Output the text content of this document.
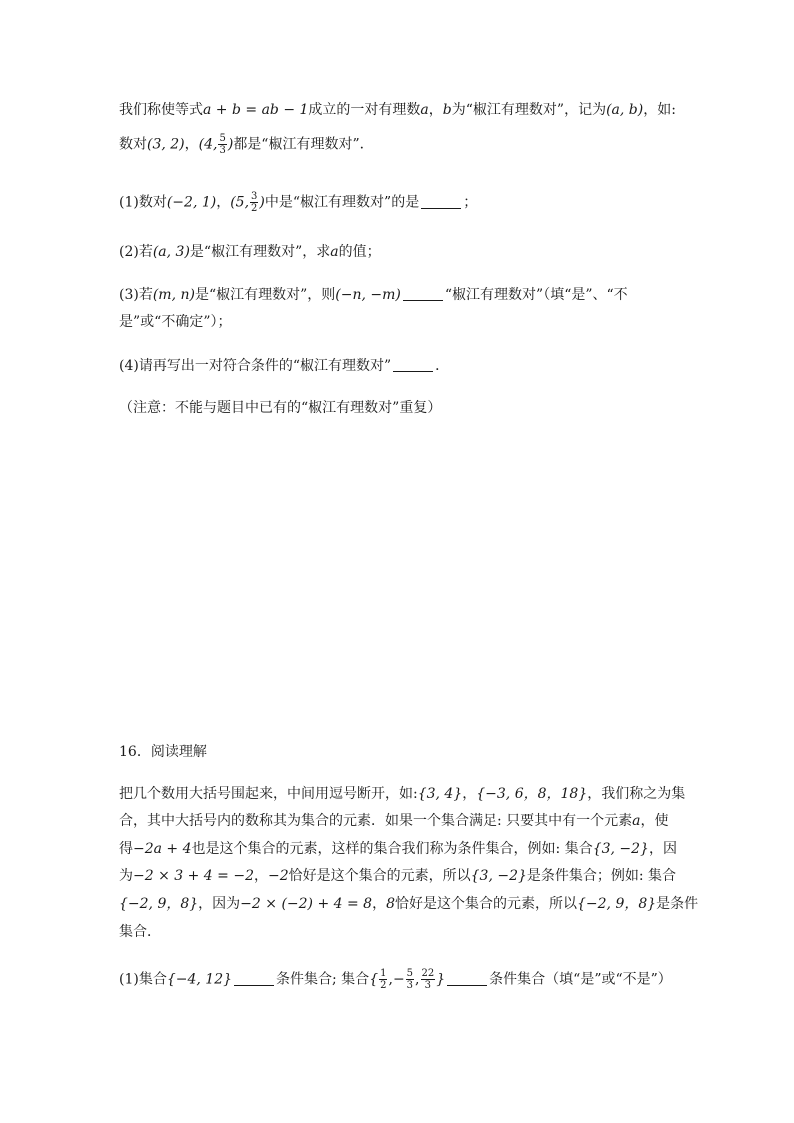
我们称使等式a + b = ab − 1成立的一对有理数a，b为“椒江有理数对”，记为(a, b)，如:
数对(3, 2)，(4, $\frac{5}{3}$ )都是“椒江有理数对”．
(1)数对(−2, 1)，(5, $\frac{3}{2}$ )中是“椒江有理数对”的是	；
(2)若(a, 3)是“椒江有理数对”，求a的值；
(3)若(m, n)是“椒江有理数对”，则(−n, −m)	“椒江有理数对”（填“是”、“不
是”或“不确定”）；
(4)请再写出一对符合条件的“椒江有理数对”	．
（注意：不能与题目中已有的“椒江有理数对”重复）
16．阅读理解
把几个数用大括号围起来，中间用逗号断开，如:{3, 4}，{−3, 6，8，18}，我们称之为集
合，其中大括号内的数称其为集合的元素．如果一个集合满足: 只要其中有一个元素a，使
得−2a + 4也是这个集合的元素，这样的集合我们称为条件集合，例如: 集合{3, −2}，因
为−2 × 3 + 4 = −2，−2恰好是这个集合的元素，所以{3, −2}是条件集合；例如: 集合
{−2, 9，8}，因为−2 × (−2) + 4 = 8，8恰好是这个集合的元素，所以{−2, 9，8}是条件
集合．
(1)集合{−4, 12}	条件集合; 集合{ $\frac{1}{2}$ ,− $\frac{5}{3}$ , $\frac{22}{3}$ }	条件集合（填“是”或“不是”）
